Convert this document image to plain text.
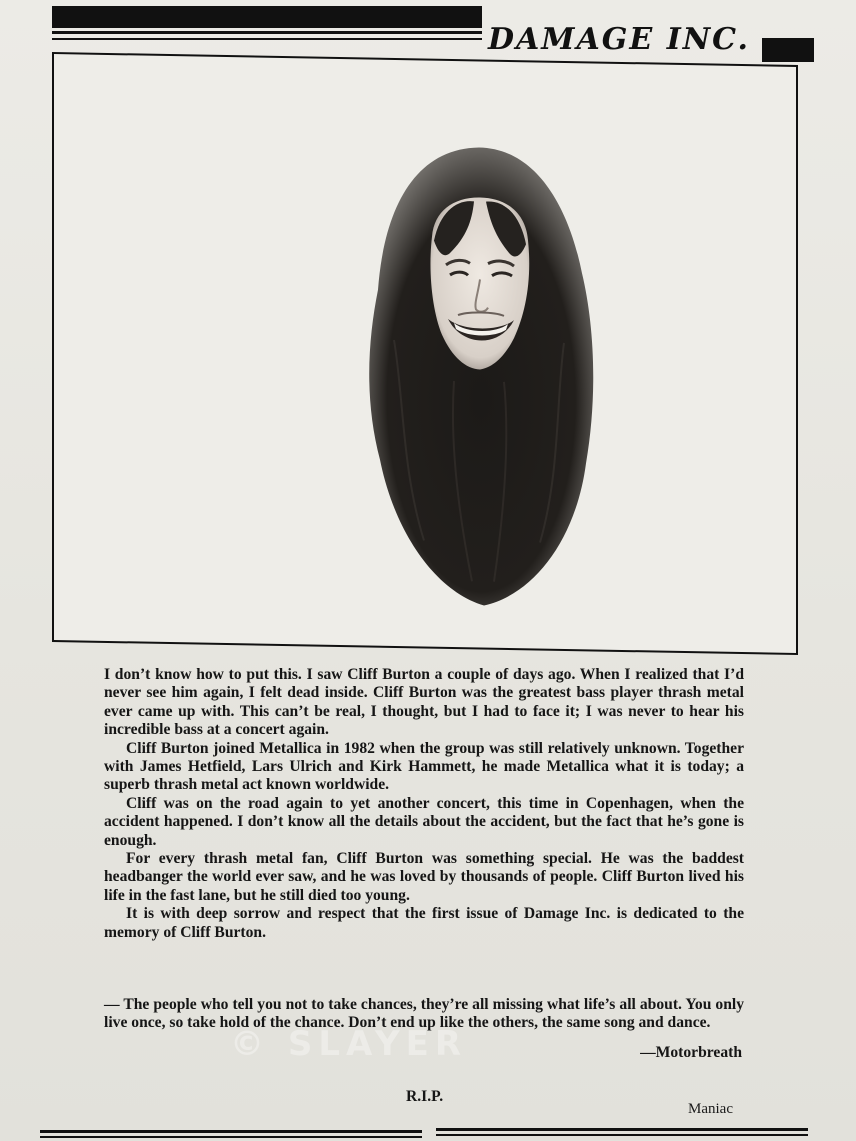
DAMAGE INC.

I don’t know how to put this. I saw Cliff Burton a couple of days ago. When I realized that I’d never see him again, I felt dead inside. Cliff Burton was the greatest bass player thrash metal ever came up with. This can’t be real, I thought, but I had to face it; I was never to hear his incredible bass at a concert again.

Cliff Burton joined Metallica in 1982 when the group was still relatively unknown. Together with James Hetfield, Lars Ulrich and Kirk Hammett, he made Metallica what it is today; a superb thrash metal act known worldwide.

Cliff was on the road again to yet another concert, this time in Copenhagen, when the accident happened. I don’t know all the details about the accident, but the fact that he’s gone is enough.

For every thrash metal fan, Cliff Burton was something special. He was the baddest headbanger the world ever saw, and he was loved by thousands of people. Cliff Burton lived his life in the fast lane, but he still died too young.

It is with deep sorrow and respect that the first issue of Damage Inc. is dedicated to the memory of Cliff Burton.

— The people who tell you not to take chances, they’re all missing what life’s all about. You only live once, so take hold of the chance. Don’t end up like the others, the same song and dance.
—Motorbreath
© SLAYER
R.I.P.
Maniac
